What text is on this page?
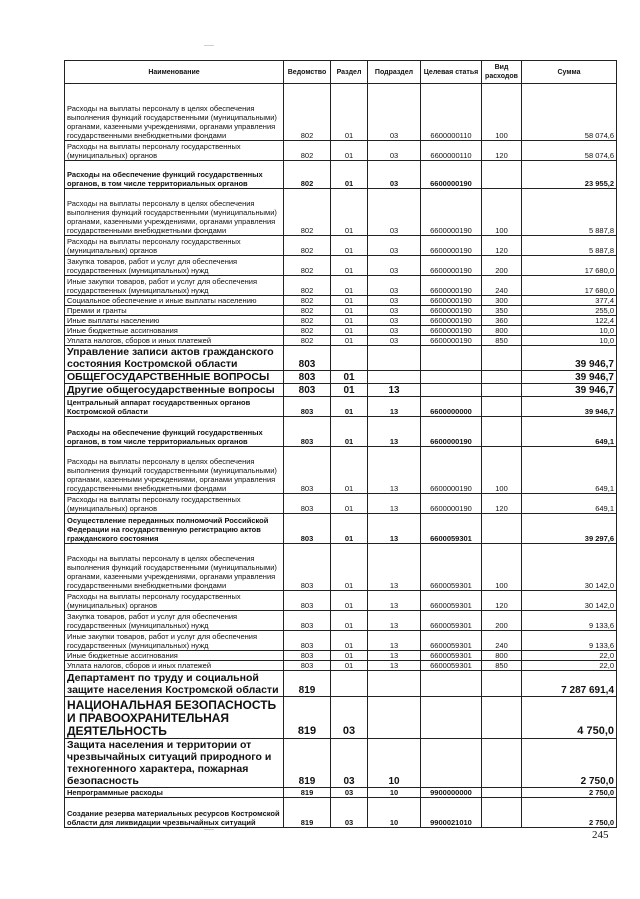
Наименование	Ведомство	Раздел	Подраздел	Целевая статья	Вид расходов	Сумма
Расходы на выплаты персоналу в целях обеспечения выполнения функций государственными (муниципальными) органами, казенными учреждениями, органами управления государственными внебюджетными фондами	802	01	03	6600000110	100	58 074,6
Расходы на выплаты персоналу государственных (муниципальных) органов	802	01	03	6600000110	120	58 074,6
Расходы на обеспечение функций государственных органов, в том числе территориальных органов	802	01	03	6600000190		23 955,2
Расходы на выплаты персоналу в целях обеспечения выполнения функций государственными (муниципальными) органами, казенными учреждениями, органами управления государственными внебюджетными фондами	802	01	03	6600000190	100	5 887,8
Расходы на выплаты персоналу государственных (муниципальных) органов	802	01	03	6600000190	120	5 887,8
Закупка товаров, работ и услуг для обеспечения государственных (муниципальных) нужд	802	01	03	6600000190	200	17 680,0
Иные закупки товаров, работ и услуг для обеспечения государственных (муниципальных) нужд	802	01	03	6600000190	240	17 680,0
Социальное обеспечение и иные выплаты населению	802	01	03	6600000190	300	377,4
Премии и гранты	802	01	03	6600000190	350	255,0
Иные выплаты населению	802	01	03	6600000190	360	122,4
Иные бюджетные ассигнования	802	01	03	6600000190	800	10,0
Уплата налогов, сборов и иных платежей	802	01	03	6600000190	850	10,0
Управление записи актов гражданского состояния Костромской области	803					39 946,7
ОБЩЕГОСУДАРСТВЕННЫЕ ВОПРОСЫ	803	01				39 946,7
Другие общегосударственные вопросы	803	01	13			39 946,7
Центральный аппарат государственных органов Костромской области	803	01	13	6600000000		39 946,7
Расходы на обеспечение функций государственных органов, в том числе территориальных органов	803	01	13	6600000190		649,1
Расходы на выплаты персоналу в целях обеспечения выполнения функций государственными (муниципальными) органами, казенными учреждениями, органами управления государственными внебюджетными фондами	803	01	13	6600000190	100	649,1
Расходы на выплаты персоналу государственных (муниципальных) органов	803	01	13	6600000190	120	649,1
Осуществление переданных полномочий Российской Федерации на государственную регистрацию актов гражданского состояния	803	01	13	6600059301		39 297,6
Расходы на выплаты персоналу в целях обеспечения выполнения функций государственными (муниципальными) органами, казенными учреждениями, органами управления государственными внебюджетными фондами	803	01	13	6600059301	100	30 142,0
Расходы на выплаты персоналу государственных (муниципальных) органов	803	01	13	6600059301	120	30 142,0
Закупка товаров, работ и услуг для обеспечения государственных (муниципальных) нужд	803	01	13	6600059301	200	9 133,6
Иные закупки товаров, работ и услуг для обеспечения государственных (муниципальных) нужд	803	01	13	6600059301	240	9 133,6
Иные бюджетные ассигнования	803	01	13	6600059301	800	22,0
Уплата налогов, сборов и иных платежей	803	01	13	6600059301	850	22,0
Департамент по труду и социальной защите населения Костромской области	819					7 287 691,4
НАЦИОНАЛЬНАЯ БЕЗОПАСНОСТЬ И ПРАВООХРАНИТЕЛЬНАЯ ДЕЯТЕЛЬНОСТЬ	819	03				4 750,0
Защита населения и территории от чрезвычайных ситуаций природного и техногенного характера, пожарная безопасность	819	03	10			2 750,0
Непрограммные расходы	819	03	10	9900000000		2 750,0
Создание резерва материальных ресурсов Костромской области для ликвидации чрезвычайных ситуаций	819	03	10	9900021010		2 750,0
245
